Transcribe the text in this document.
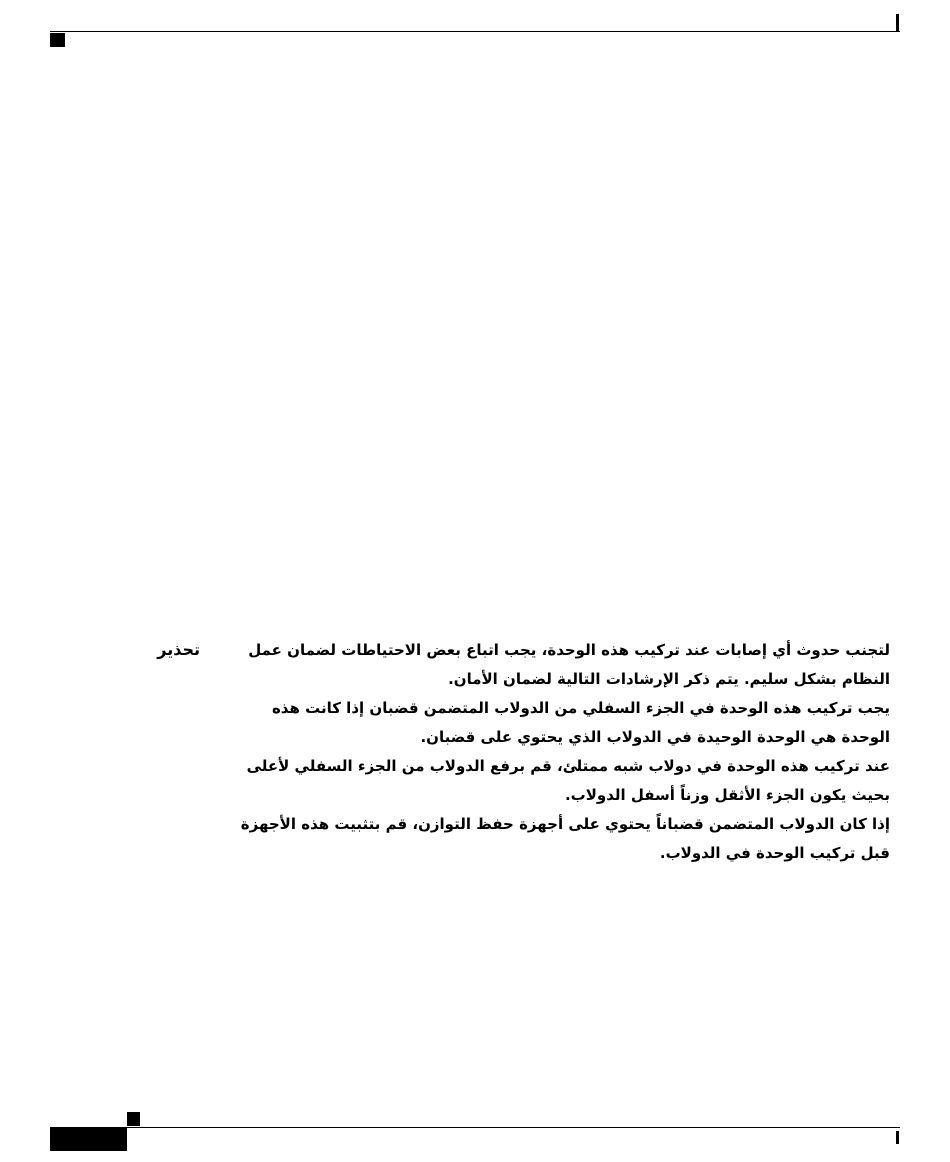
تحذير	لتجنب حدوث أي إصابات عند تركيب هذه الوحدة، يجب اتباع بعض الاحتياطات لضمان عمل النظام بشكل سليم. يتم ذكر الإرشادات التالية لضمان الأمان.

يجب تركيب هذه الوحدة في الجزء السفلي من الدولاب المتضمن قضبان إذا كانت هذه الوحدة هي الوحدة الوحيدة في الدولاب الذي يحتوي على قضبان.

عند تركيب هذه الوحدة في دولاب شبه ممتلئ، قم برفع الدولاب من الجزء السفلي لأعلى بحيث يكون الجزء الأثقل وزناً أسفل الدولاب.

إذا كان الدولاب المتضمن قضباناً يحتوي على أجهزة حفظ التوازن، قم بتثبيت هذه الأجهزة قبل تركيب الوحدة في الدولاب.
